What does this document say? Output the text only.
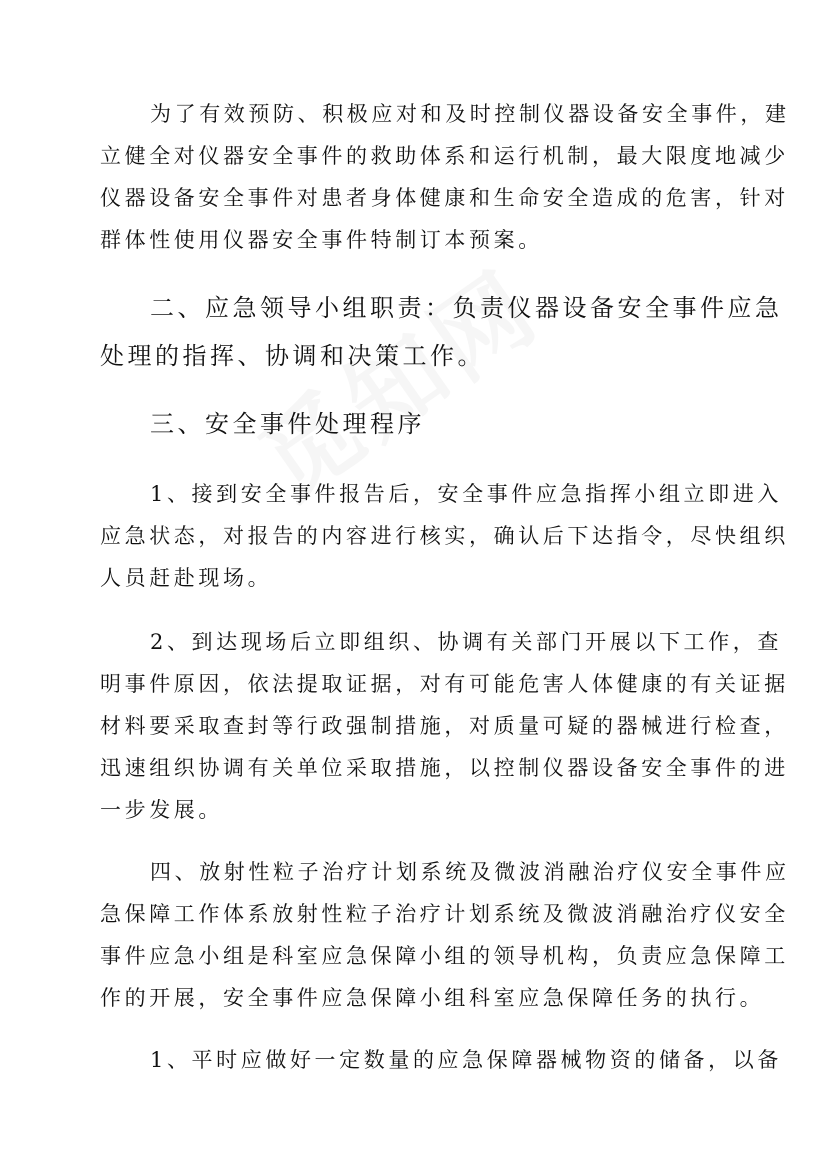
为了有效预防、积极应对和及时控制仪器设备安全事件，建
立健全对仪器安全事件的救助体系和运行机制，最大限度地减少
仪器设备安全事件对患者身体健康和生命安全造成的危害，针对
群体性使用仪器安全事件特制订本预案。
二、应急领导小组职责：负责仪器设备安全事件应急
处理的指挥、协调和决策工作。
三、安全事件处理程序
1、接到安全事件报告后，安全事件应急指挥小组立即进入
应急状态，对报告的内容进行核实，确认后下达指令，尽快组织
人员赶赴现场。
2、到达现场后立即组织、协调有关部门开展以下工作，查
明事件原因，依法提取证据，对有可能危害人体健康的有关证据
材料要采取查封等行政强制措施，对质量可疑的器械进行检查，
迅速组织协调有关单位采取措施，以控制仪器设备安全事件的进
一步发展。
四、放射性粒子治疗计划系统及微波消融治疗仪安全事件应
急保障工作体系放射性粒子治疗计划系统及微波消融治疗仪安全
事件应急小组是科室应急保障小组的领导机构，负责应急保障工
作的开展，安全事件应急保障小组科室应急保障任务的执行。
1、平时应做好一定数量的应急保障器械物资的储备，以备
